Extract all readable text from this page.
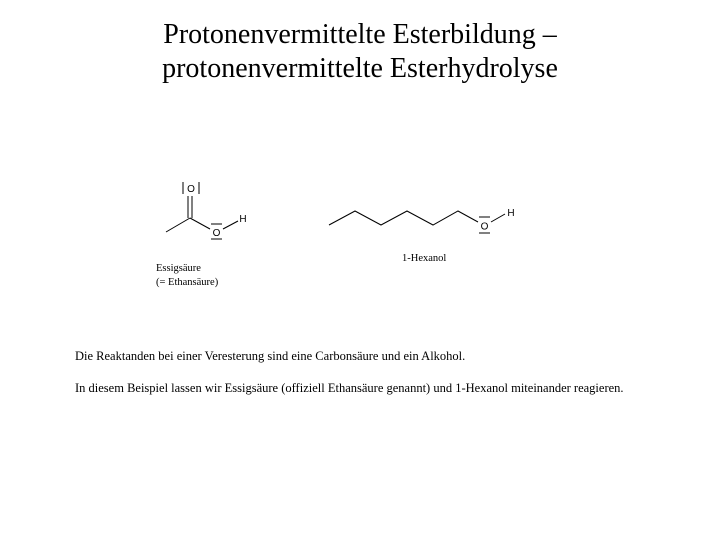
Protonenvermittelte Esterbildung –
protonenvermittelte Esterhydrolyse
O
O
H
Essigsäure
(= Ethansäure)
O
H
1-Hexanol

Die Reaktanden bei einer Veresterung sind eine Carbonsäure und ein Alkohol.

In diesem Beispiel lassen wir Essigsäure (offiziell Ethansäure genannt) und 1-Hexanol miteinander reagieren.
